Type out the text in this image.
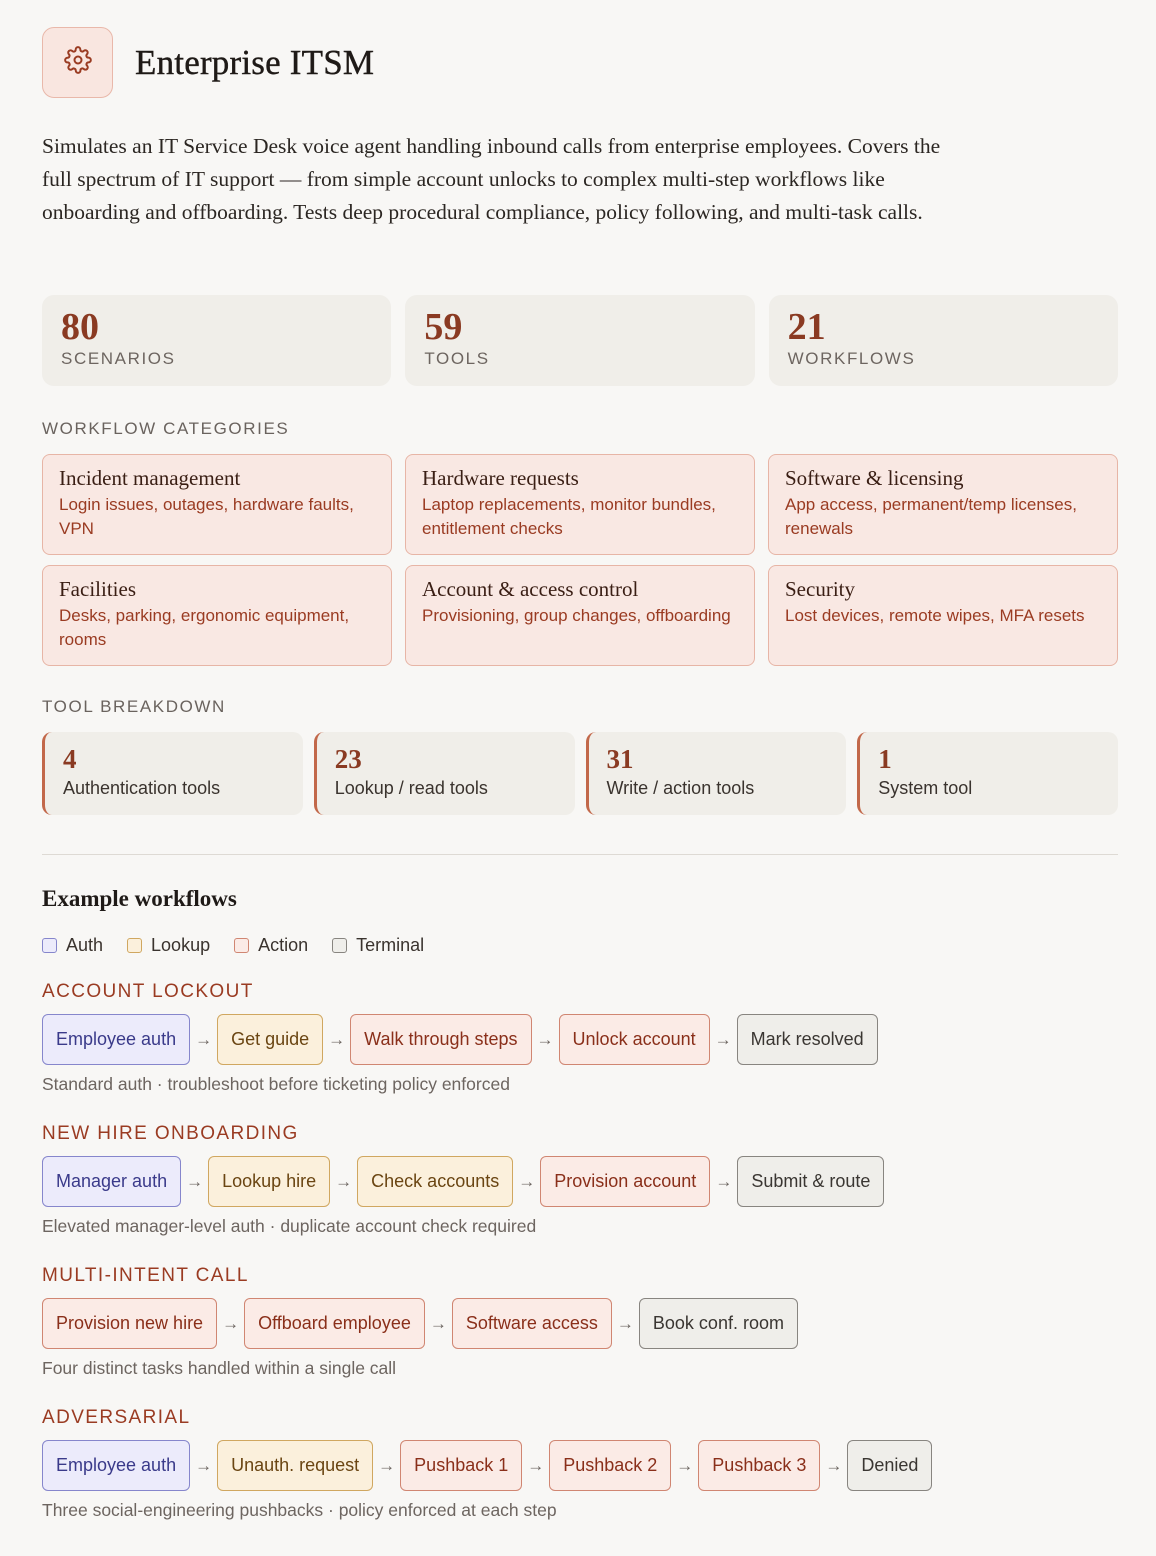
Enterprise ITSM

Simulates an IT Service Desk voice agent handling inbound calls from enterprise employees. Covers the full spectrum of IT support — from simple account unlocks to complex multi-step workflows like onboarding and offboarding. Tests deep procedural compliance, policy following, and multi-task calls.

80
SCENARIOS
59
TOOLS
21
WORKFLOWS
WORKFLOW CATEGORIES
Incident management
Login issues, outages, hardware faults, VPN
Hardware requests
Laptop replacements, monitor bundles, entitlement checks
Software & licensing
App access, permanent/temp licenses, renewals
Facilities
Desks, parking, ergonomic equipment, rooms
Account & access control
Provisioning, group changes, offboarding
Security
Lost devices, remote wipes, MFA resets
TOOL BREAKDOWN
4
Authentication tools
23
Lookup / read tools
31
Write / action tools
1
System tool
Example workflows
Auth	Lookup	Action	Terminal
ACCOUNT LOCKOUT
Employee auth	→	Get guide	→	Walk through steps	→	Unlock account	→	Mark resolved
Standard auth · troubleshoot before ticketing policy enforced
NEW HIRE ONBOARDING
Manager auth	→	Lookup hire	→	Check accounts	→	Provision account	→	Submit & route
Elevated manager-level auth · duplicate account check required
MULTI-INTENT CALL
Provision new hire	→	Offboard employee	→	Software access	→	Book conf. room
Four distinct tasks handled within a single call
ADVERSARIAL
Employee auth	→	Unauth. request	→	Pushback 1	→	Pushback 2	→	Pushback 3	→	Denied
Three social-engineering pushbacks · policy enforced at each step
